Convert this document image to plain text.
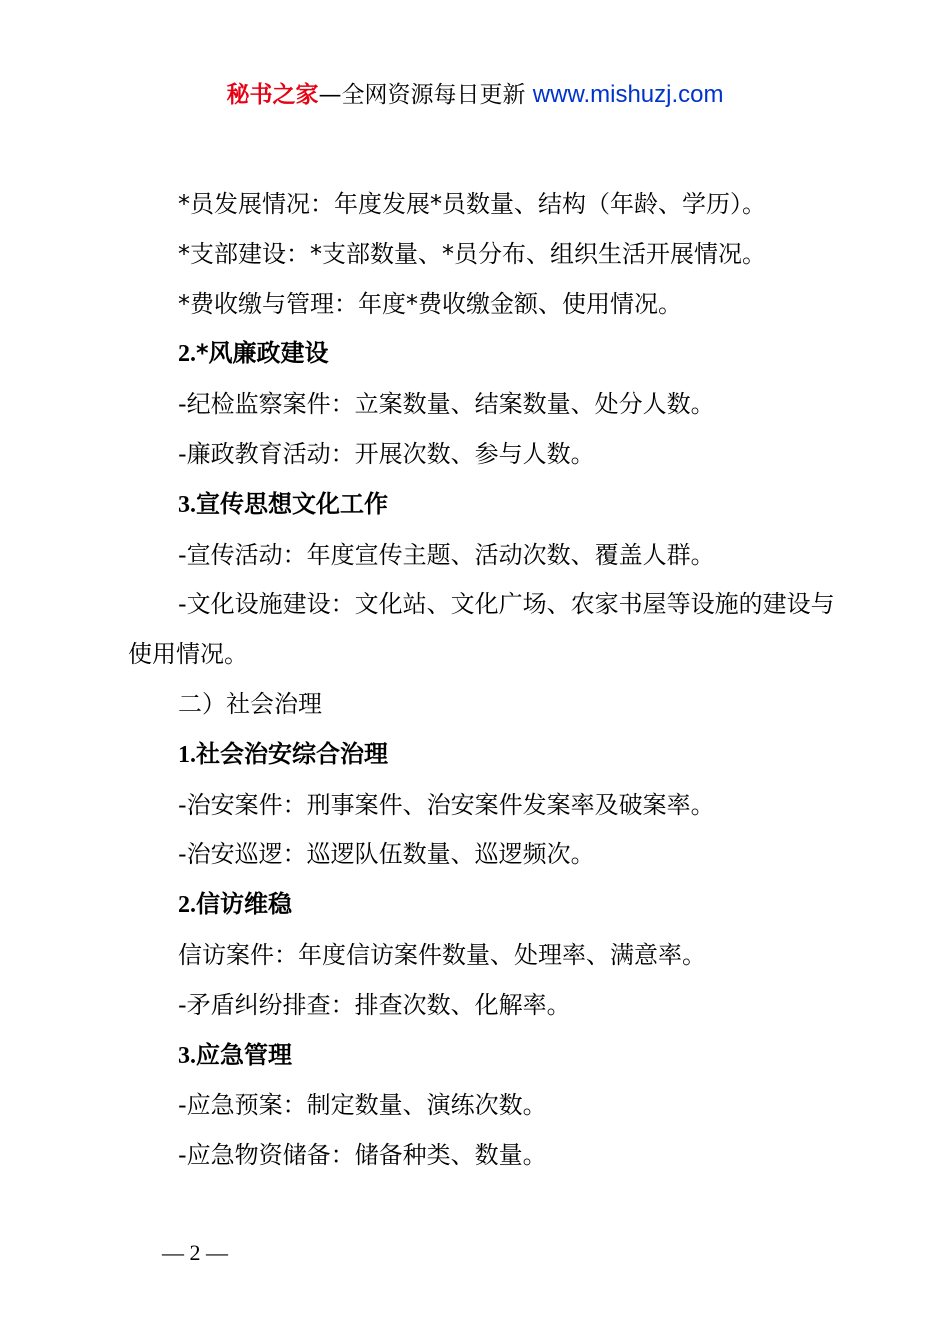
秘书之家—全网资源每日更新 www.mishuzj.com

*员发展情况：年度发展*员数量、结构（年龄、学历）。

*支部建设：*支部数量、*员分布、组织生活开展情况。

*费收缴与管理：年度*费收缴金额、使用情况。

2.*风廉政建设

-纪检监察案件：立案数量、结案数量、处分人数。

-廉政教育活动：开展次数、参与人数。

3.宣传思想文化工作

-宣传活动：年度宣传主题、活动次数、覆盖人群。

-文化设施建设：文化站、文化广场、农家书屋等设施的建设与使用情况。

二）社会治理

1.社会治安综合治理

-治安案件：刑事案件、治安案件发案率及破案率。

-治安巡逻：巡逻队伍数量、巡逻频次。

2.信访维稳

信访案件：年度信访案件数量、处理率、满意率。

-矛盾纠纷排查：排查次数、化解率。

3.应急管理

-应急预案：制定数量、演练次数。

-应急物资储备：储备种类、数量。

— 2 —
